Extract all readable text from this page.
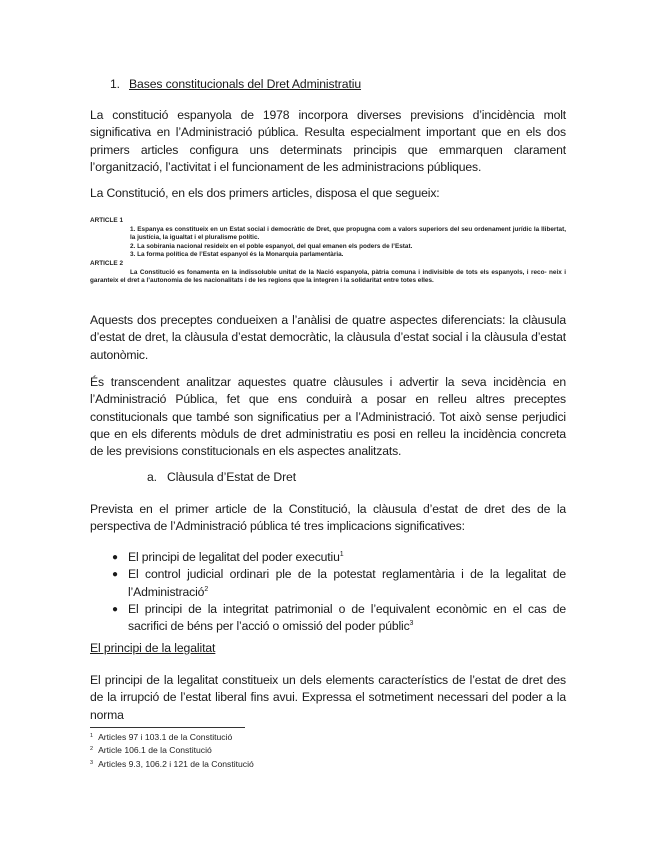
1. Bases constitucionals del Dret Administratiu

La constitució espanyola de 1978 incorpora diverses previsions d’incidència molt significativa en l’Administració pública. Resulta especialment important que en els dos primers articles configura uns determinats principis que emmarquen clarament l’organització, l’activitat i el funcionament de les administracions públiques.

La Constitució, en els dos primers articles, disposa el que segueix:

ARTICLE 1

1. Espanya es constitueix en un Estat social i democràtic de Dret, que propugna com a valors superiors del seu ordenament jurídic la llibertat, la justícia, la igualtat i el pluralisme polític.

2. La sobirania nacional resideix en el poble espanyol, del qual emanen els poders de l’Estat.

3. La forma política de l’Estat espanyol és la Monarquia parlamentària.

ARTICLE 2

La Constitució es fonamenta en la indissoluble unitat de la Nació espanyola, pàtria comuna i indivisible de tots els espanyols, i reco- neix i garanteix el dret a l’autonomia de les nacionalitats i de les regions que la integren i la solidaritat entre totes elles.

Aquests dos preceptes condueixen a l’anàlisi de quatre aspectes diferenciats: la clàusula d’estat de dret, la clàusula d’estat democràtic, la clàusula d’estat social i la clàusula d’estat autonòmic.

És transcendent analitzar aquestes quatre clàusules i advertir la seva incidència en l’Administració Pública, fet que ens conduirà a posar en relleu altres preceptes constitucionals que també son significatius per a l’Administració. Tot això sense perjudici que en els diferents mòduls de dret administratiu es posi en relleu la incidència concreta de les previsions constitucionals en els aspectes analitzats.

a. Clàusula d’Estat de Dret

Prevista en el primer article de la Constitució, la clàusula d’estat de dret des de la perspectiva de l’Administració pública té tres implicacions significatives:

● El principi de legalitat del poder executiu$^1$
● El control judicial ordinari ple de la potestat reglamentària i de la legalitat de l’Administració$^2$
● El principi de la integritat patrimonial o de l’equivalent econòmic en el cas de sacrifici de béns per l’acció o omissió del poder públic$^3$
El principi de la legalitat

El principi de la legalitat constitueix un dels elements característics de l’estat de dret des de la irrupció de l’estat liberal fins avui. Expressa el sotmetiment necessari del poder a la norma

$^1$ Articles 97 i 103.1 de la Constitució
$^2$ Article 106.1 de la Constitució
$^3$ Articles 9.3, 106.2 i 121 de la Constitució
